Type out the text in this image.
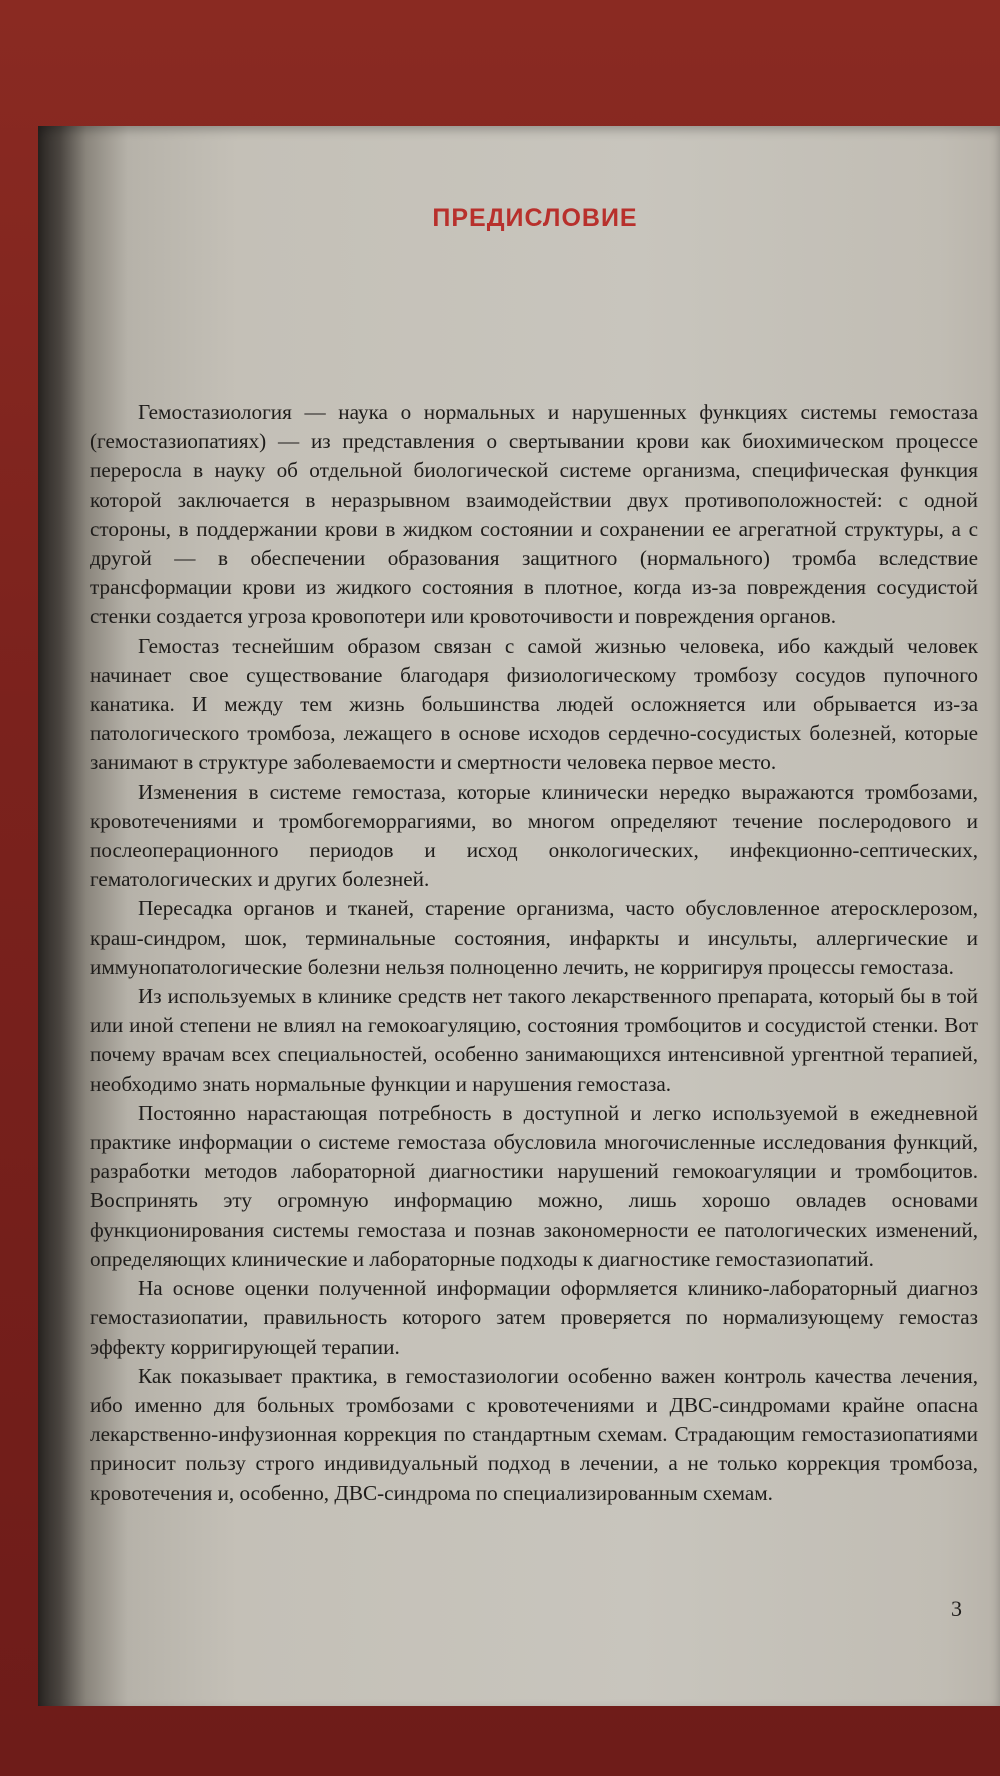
ПРЕДИСЛОВИЕ

Гемостазиология — наука о нормальных и нарушенных функциях системы гемостаза (гемостазиопатиях) — из представления о свертывании крови как биохимическом процессе переросла в науку об отдельной биологической системе организма, специфическая функция которой заключается в неразрывном взаимодействии двух противоположностей: с одной стороны, в поддержании крови в жидком состоянии и сохранении ее агрегатной структуры, а с другой — в обеспечении образования защитного (нормального) тромба вследствие трансформации крови из жидкого состояния в плотное, когда из-за повреждения сосудистой стенки создается угроза кровопотери или кровоточивости и повреждения органов.

Гемостаз теснейшим образом связан с самой жизнью человека, ибо каждый человек начинает свое существование благодаря физиологическому тромбозу сосудов пупочного канатика. И между тем жизнь большинства людей осложняется или обрывается из-за патологического тромбоза, лежащего в основе исходов сердечно-сосудистых болезней, которые занимают в структуре заболеваемости и смертности человека первое место.

Изменения в системе гемостаза, которые клинически нередко выражаются тромбозами, кровотечениями и тромбогеморрагиями, во многом определяют течение послеродового и послеоперационного периодов и исход онкологических, инфекционно-септических, гематологических и других болезней.

Пересадка органов и тканей, старение организма, часто обусловленное атеросклерозом, краш-синдром, шок, терминальные состояния, инфаркты и инсульты, аллергические и иммунопатологические болезни нельзя полноценно лечить, не корригируя процессы гемостаза.

Из используемых в клинике средств нет такого лекарственного препарата, который бы в той или иной степени не влиял на гемокоагуляцию, состояния тромбоцитов и сосудистой стенки. Вот почему врачам всех специальностей, особенно занимающихся интенсивной ургентной терапией, необходимо знать нормальные функции и нарушения гемостаза.

Постоянно нарастающая потребность в доступной и легко используемой в ежедневной практике информации о системе гемостаза обусловила многочисленные исследования функций, разработки методов лабораторной диагностики нарушений гемокоагуляции и тромбоцитов. Воспринять эту огромную информацию можно, лишь хорошо овладев основами функционирования системы гемостаза и познав закономерности ее патологических изменений, определяющих клинические и лабораторные подходы к диагностике гемостазиопатий.

На основе оценки полученной информации оформляется клинико-лабораторный диагноз гемостазиопатии, правильность которого затем проверяется по нормализующему гемостаз эффекту корригирующей терапии.

Как показывает практика, в гемостазиологии особенно важен контроль качества лечения, ибо именно для больных тромбозами с кровотечениями и ДВС-синдромами крайне опасна лекарственно-инфузионная коррекция по стандартным схемам. Страдающим гемостазиопатиями приносит пользу строго индивидуальный подход в лечении, а не только коррекция тромбоза, кровотечения и, особенно, ДВС-синдрома по специализированным схемам.

3
